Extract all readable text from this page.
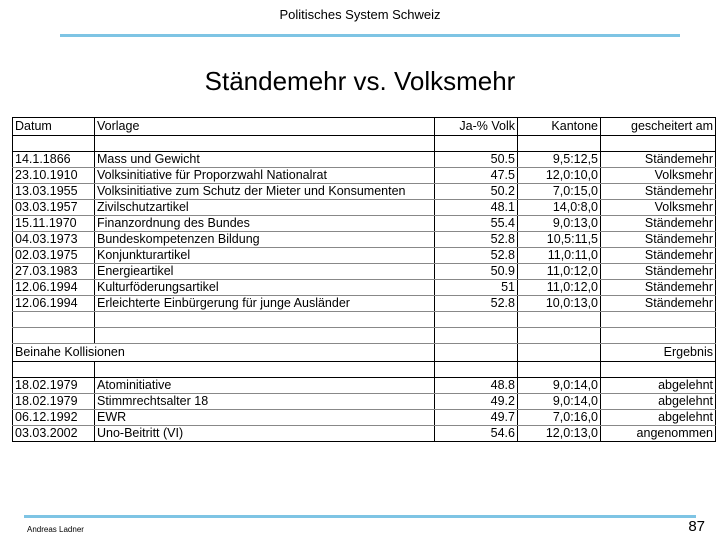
Politisches System Schweiz
Ständemehr vs. Volksmehr
Datum	Vorlage	Ja-% Volk	Kantone	gescheitert am

14.1.1866	Mass und Gewicht	50.5	9,5:12,5	Ständemehr
23.10.1910	Volksinitiative für Proporzwahl Nationalrat	47.5	12,0:10,0	Volksmehr
13.03.1955	Volksinitiative zum Schutz der Mieter und Konsumenten	50.2	7,0:15,0	Ständemehr
03.03.1957	Zivilschutzartikel	48.1	14,0:8,0	Volksmehr
15.11.1970	Finanzordnung des Bundes	55.4	9,0:13,0	Ständemehr
04.03.1973	Bundeskompetenzen Bildung	52.8	10,5:11,5	Ständemehr
02.03.1975	Konjunkturartikel	52.8	11,0:11,0	Ständemehr
27.03.1983	Energieartikel	50.9	11,0:12,0	Ständemehr
12.06.1994	Kulturföderungsartikel	51	11,0:12,0	Ständemehr
12.06.1994	Erleichterte Einbürgerung für junge Ausländer	52.8	10,0:13,0	Ständemehr

Beinahe Kollisionen				Ergebnis

18.02.1979	Atominitiative	48.8	9,0:14,0	abgelehnt
18.02.1979	Stimmrechtsalter 18	49.2	9,0:14,0	abgelehnt
06.12.1992	EWR	49.7	7,0:16,0	abgelehnt
03.03.2002	Uno-Beitritt (VI)	54.6	12,0:13,0	angenommen
Andreas Ladner	87
